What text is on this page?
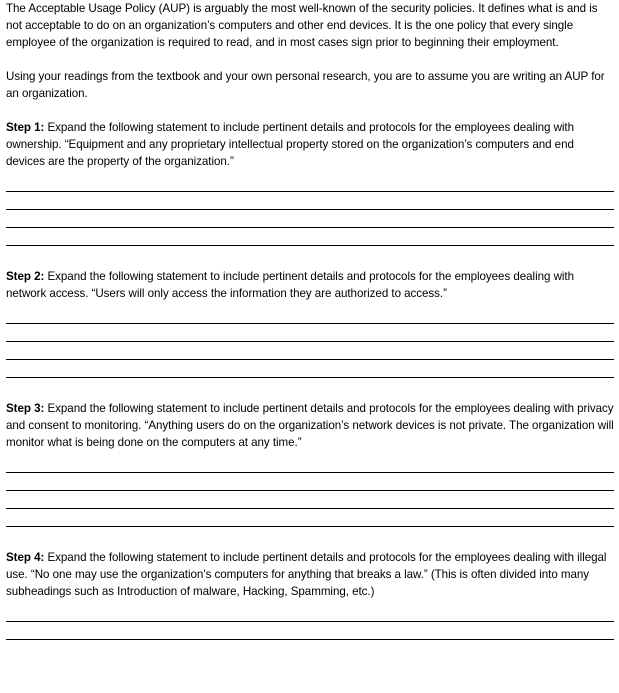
The Acceptable Usage Policy (AUP) is arguably the most well-known of the security policies. It defines what is and is not acceptable to do on an organization’s computers and other end devices. It is the one policy that every single employee of the organization is required to read, and in most cases sign prior to beginning their employment.

Using your readings from the textbook and your own personal research, you are to assume you are writing an AUP for an organization.

Step 1: Expand the following statement to include pertinent details and protocols for the employees dealing with ownership. “Equipment and any proprietary intellectual property stored on the organization’s computers and end devices are the property of the organization.”

Step 2: Expand the following statement to include pertinent details and protocols for the employees dealing with network access. “Users will only access the information they are authorized to access.”

Step 3: Expand the following statement to include pertinent details and protocols for the employees dealing with privacy and consent to monitoring. “Anything users do on the organization’s network devices is not private. The organization will monitor what is being done on the computers at any time.”

Step 4: Expand the following statement to include pertinent details and protocols for the employees dealing with illegal use. “No one may use the organization’s computers for anything that breaks a law.” (This is often divided into many subheadings such as Introduction of malware, Hacking, Spamming, etc.)
